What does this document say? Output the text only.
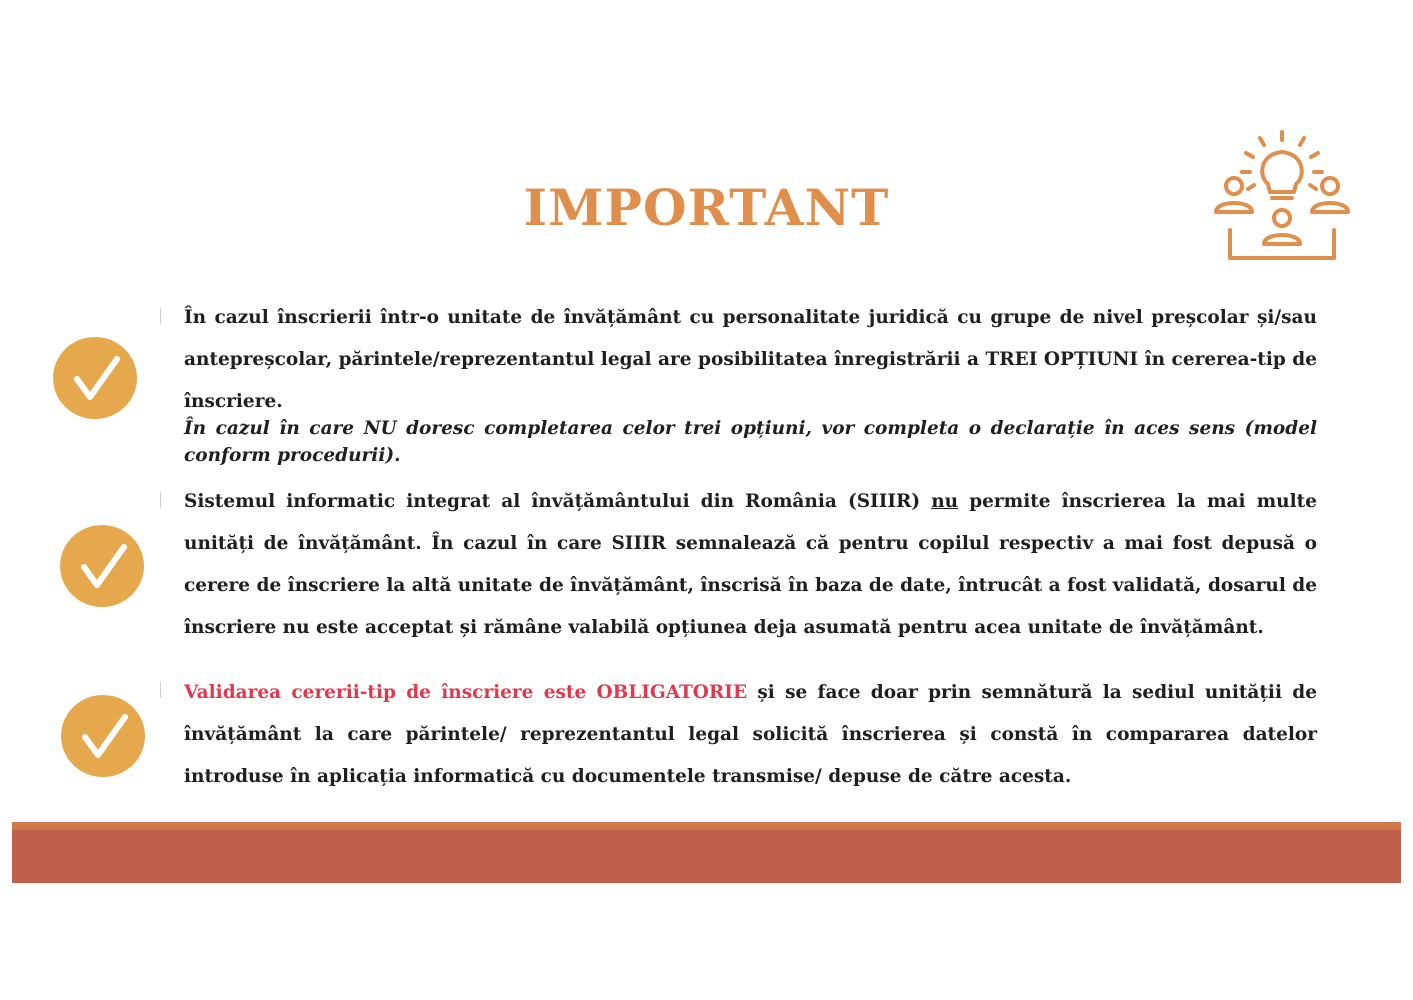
IMPORTANT

În cazul înscrierii într-o unitate de învățământ cu personalitate juridică cu grupe de nivel preșcolar și/sau antepreșcolar, părintele/reprezentantul legal are posibilitatea înregistrării a TREI OPȚIUNI în cererea-tip de înscriere.
În cazul în care NU doresc completarea celor trei opțiuni, vor completa o declarație în aces sens (model conform procedurii).

Sistemul informatic integrat al învățământului din România (SIIIR) nu permite înscrierea la mai multe unități de învățământ. În cazul în care SIIIR semnalează că pentru copilul respectiv a mai fost depusă o cerere de înscriere la altă unitate de învățământ, înscrisă în baza de date, întrucât a fost validată, dosarul de înscriere nu este acceptat și rămâne valabilă opțiunea deja asumată pentru acea unitate de învățământ.

Validarea cererii-tip de înscriere este OBLIGATORIE și se face doar prin semnătură la sediul unității de învățământ la care părintele/ reprezentantul legal solicită înscrierea și constă în compararea datelor introduse în aplicația informatică cu documentele transmise/ depuse de către acesta.
